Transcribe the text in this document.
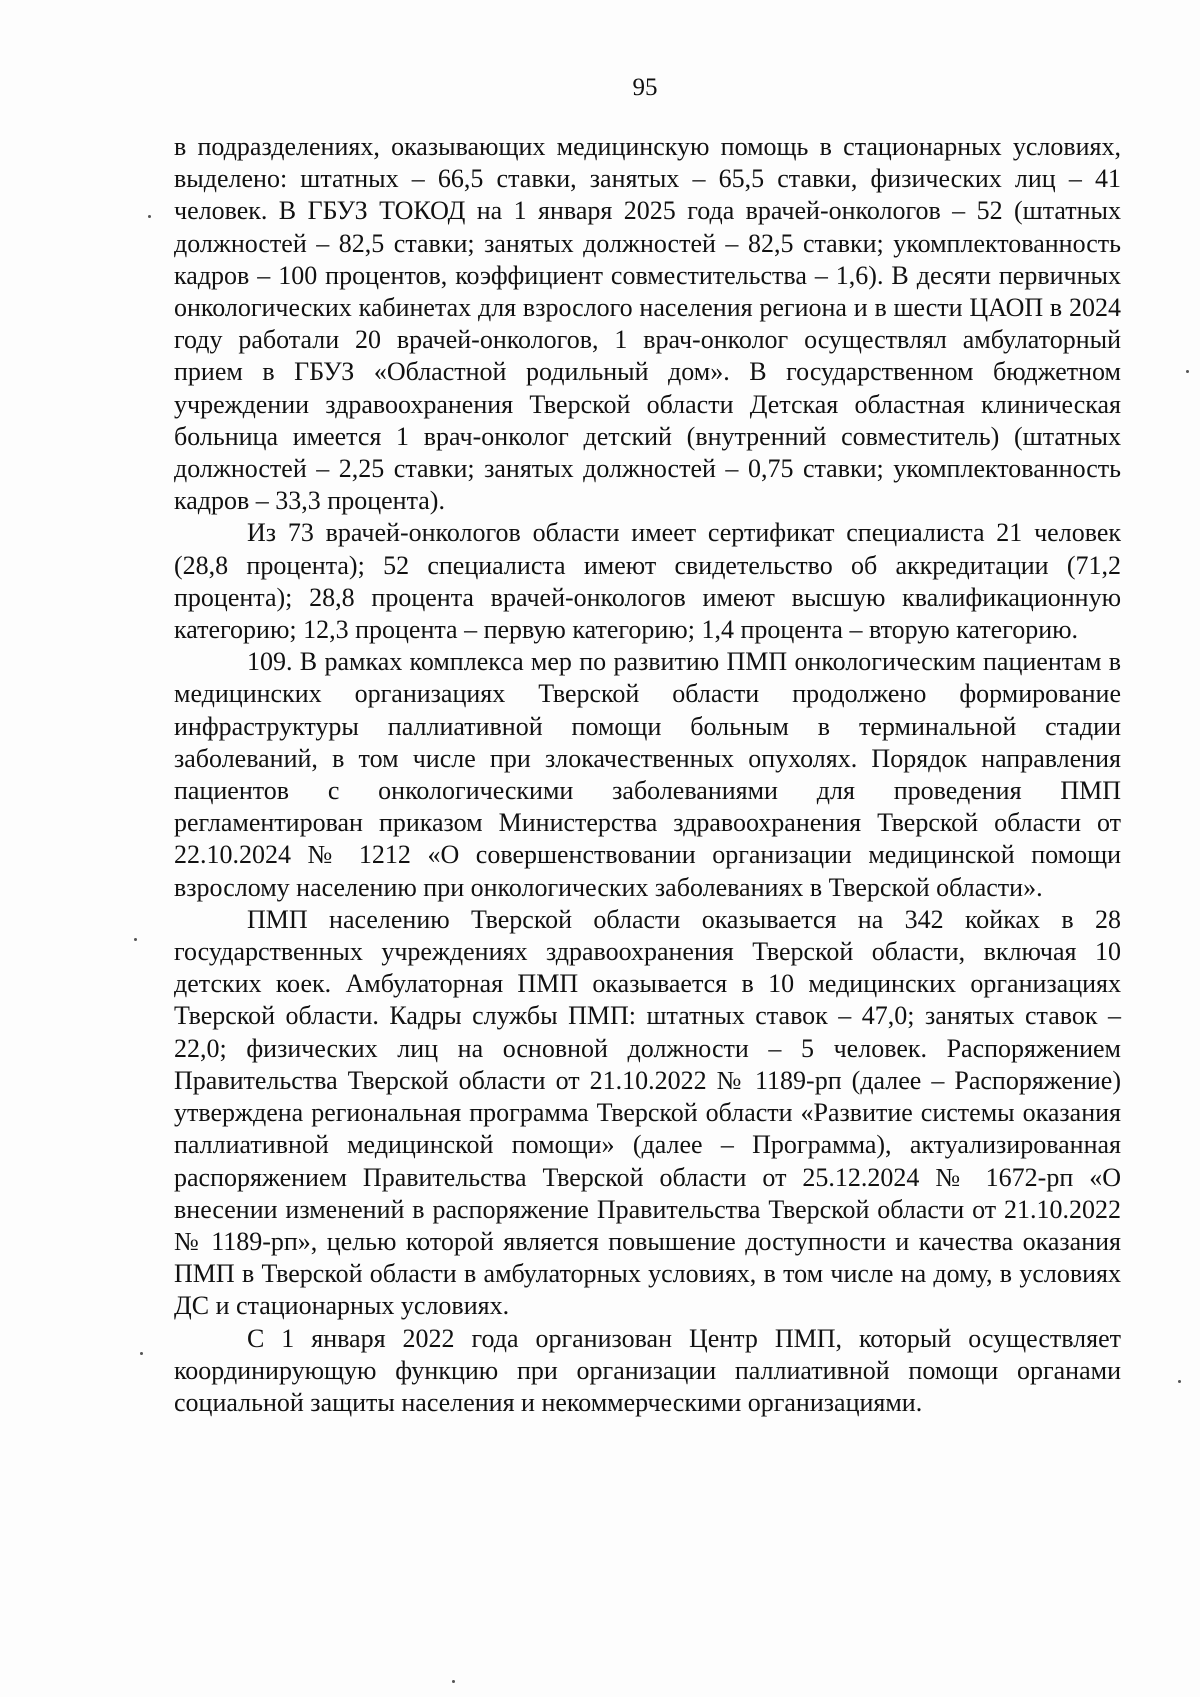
95

в подразделениях, оказывающих медицинскую помощь в стационарных условиях, выделено: штатных – 66,5 ставки, занятых – 65,5 ставки, физических лиц – 41 человек. В ГБУЗ ТОКОД на 1 января 2025 года врачей-онкологов – 52 (штатных должностей – 82,5 ставки; занятых должностей – 82,5 ставки; укомплектованность кадров – 100 процентов, коэффициент совместительства – 1,6). В десяти первичных онкологических кабинетах для взрослого населения региона и в шести ЦАОП в 2024 году работали 20 врачей-онкологов, 1 врач-онколог осуществлял амбулаторный прием в ГБУЗ «Областной родильный дом». В государственном бюджетном учреждении здравоохранения Тверской области Детская областная клиническая больница имеется 1 врач-онколог детский (внутренний совместитель) (штатных должностей – 2,25 ставки; занятых должностей – 0,75 ставки; укомплектованность кадров – 33,3 процента).

Из 73 врачей-онкологов области имеет сертификат специалиста 21 человек (28,8 процента); 52 специалиста имеют свидетельство об аккредитации (71,2 процента); 28,8 процента врачей-онкологов имеют высшую квалификационную категорию; 12,3 процента – первую категорию; 1,4 процента – вторую категорию.

109. В рамках комплекса мер по развитию ПМП онкологическим пациентам в медицинских организациях Тверской области продолжено формирование инфраструктуры паллиативной помощи больным в терминальной стадии заболеваний, в том числе при злокачественных опухолях. Порядок направления пациентов с онкологическими заболеваниями для проведения ПМП регламентирован приказом Министерства здравоохранения Тверской области от 22.10.2024 № 1212 «О совершенствовании организации медицинской помощи взрослому населению при онкологических заболеваниях в Тверской области».

ПМП населению Тверской области оказывается на 342 койках в 28 государственных учреждениях здравоохранения Тверской области, включая 10 детских коек. Амбулаторная ПМП оказывается в 10 медицинских организациях Тверской области. Кадры службы ПМП: штатных ставок – 47,0; занятых ставок – 22,0; физических лиц на основной должности – 5 человек. Распоряжением Правительства Тверской области от 21.10.2022 № 1189-рп (далее – Распоряжение) утверждена региональная программа Тверской области «Развитие системы оказания паллиативной медицинской помощи» (далее – Программа), актуализированная распоряжением Правительства Тверской области от 25.12.2024 № 1672-рп «О внесении изменений в распоряжение Правительства Тверской области от 21.10.2022 № 1189-рп», целью которой является повышение доступности и качества оказания ПМП в Тверской области в амбулаторных условиях, в том числе на дому, в условиях ДС и стационарных условиях.

С 1 января 2022 года организован Центр ПМП, который осуществляет координирующую функцию при организации паллиативной помощи органами социальной защиты населения и некоммерческими организациями.
